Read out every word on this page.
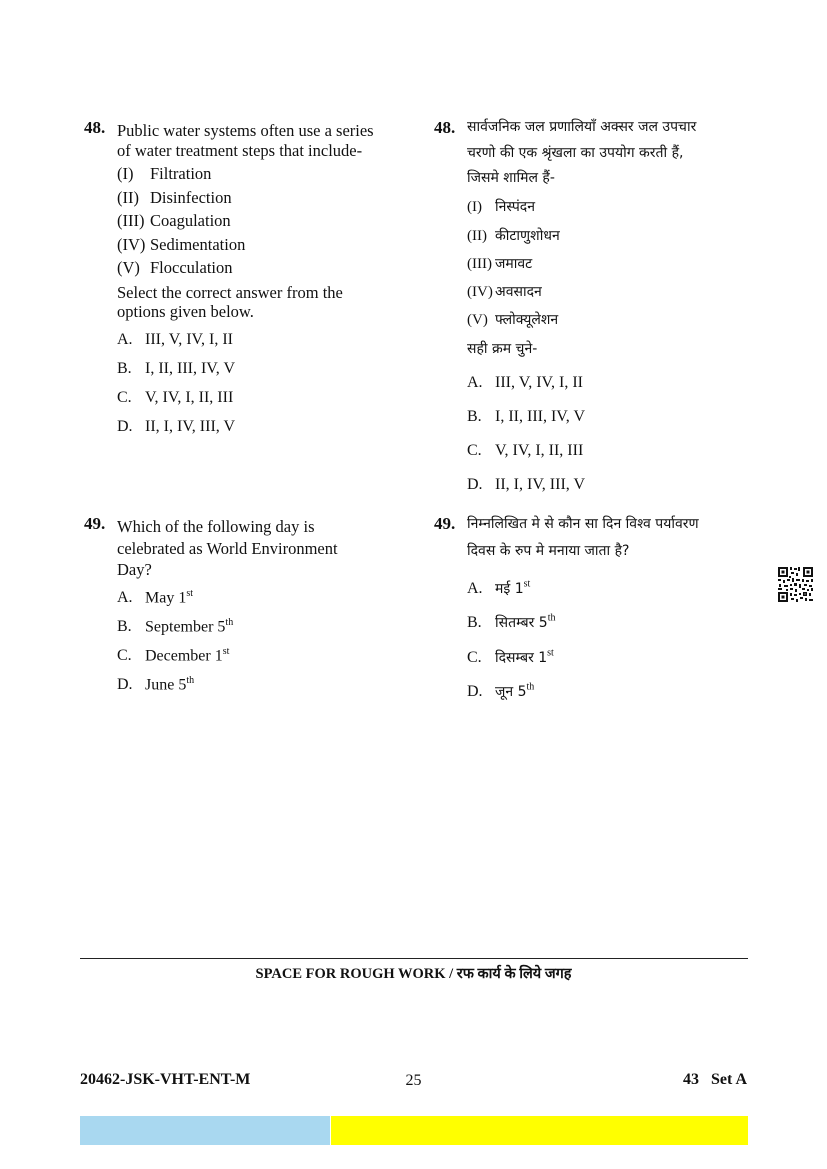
48. Public water systems often use a series
of water treatment steps that include-
(I) Filtration
(II) Disinfection
(III) Coagulation
(IV) Sedimentation
(V) Flocculation
Select the correct answer from the
options given below.
A. III, V, IV, I, II
B. I, II, III, IV, V
C. V, IV, I, II, III
D. II, I, IV, III, V
48. सार्वजनिक जल प्रणालियाँ अक्सर जल उपचार
चरणो की एक श्रृंखला का उपयोग करती हैं,
जिसमे शामिल हैं-
(I) निस्पंदन
(II) कीटाणुशोधन
(III) जमावट
(IV) अवसादन
(V) फ्लोक्यूलेशन
सही क्रम चुने-
A. III, V, IV, I, II
B. I, II, III, IV, V
C. V, IV, I, II, III
D. II, I, IV, III, V
49. Which of the following day is
celebrated as World Environment
Day?
A. May 1st
B. September 5th
C. December 1st
D. June 5th
49. निम्नलिखित मे से कौन सा दिन विश्व पर्यावरण
दिवस के रुप मे मनाया जाता है?
A. मई 1st
B. सितम्बर 5th
C. दिसम्बर 1st
D. जून 5th
SPACE FOR ROUGH WORK / रफ कार्य के लिये जगह
20462-JSK-VHT-ENT-M	25	43   Set A
